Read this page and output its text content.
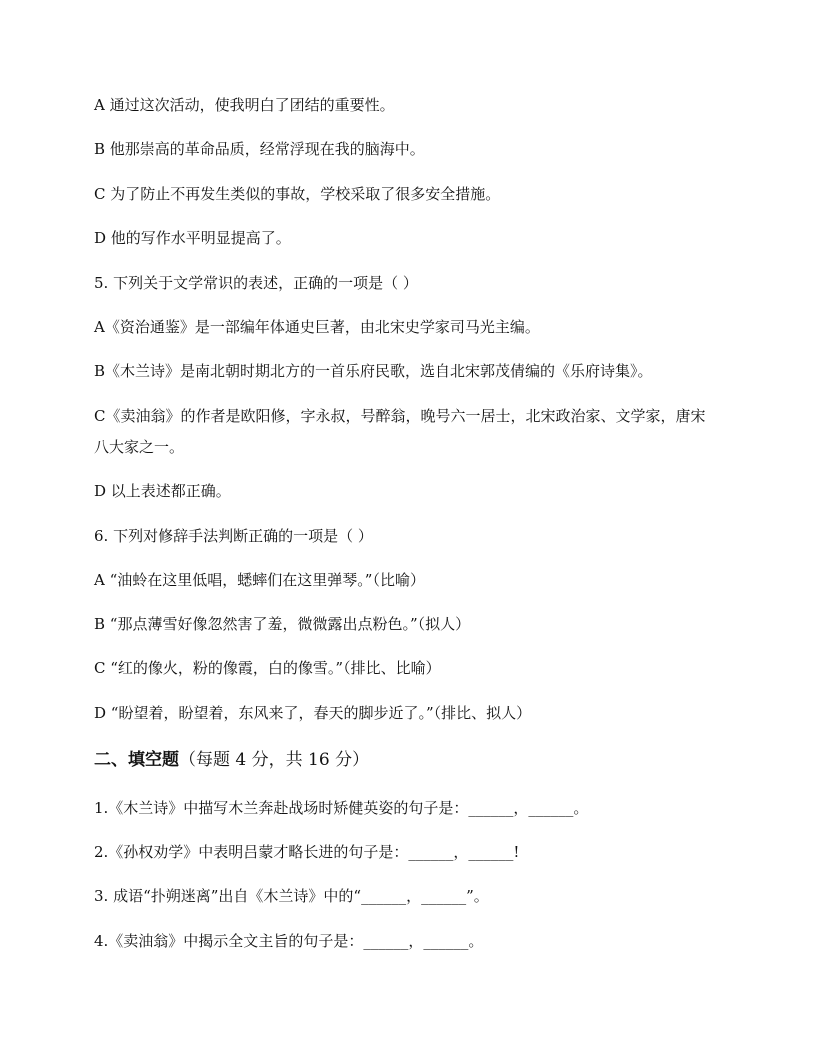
A 通过这次活动，使我明白了团结的重要性。
B 他那崇高的革命品质，经常浮现在我的脑海中。
C 为了防止不再发生类似的事故，学校采取了很多安全措施。
D 他的写作水平明显提高了。
5. 下列关于文学常识的表述，正确的一项是（ ）
A《资治通鉴》是一部编年体通史巨著，由北宋史学家司马光主编。
B《木兰诗》是南北朝时期北方的一首乐府民歌，选自北宋郭茂倩编的《乐府诗集》。
C《卖油翁》的作者是欧阳修，字永叔，号醉翁，晚号六一居士，北宋政治家、文学家，唐宋八大家之一。
D 以上表述都正确。
6. 下列对修辞手法判断正确的一项是（ ）
A “油蛉在这里低唱，蟋蟀们在这里弹琴。”（比喻）
B “那点薄雪好像忽然害了羞，微微露出点粉色。”（拟人）
C “红的像火，粉的像霞，白的像雪。”（排比、比喻）
D “盼望着，盼望着，东风来了，春天的脚步近了。”（排比、拟人）
二、填空题（每题 4 分，共 16 分）
1.《木兰诗》中描写木兰奔赴战场时矫健英姿的句子是：______，______。
2.《孙权劝学》中表明吕蒙才略长进的句子是：______，______!
3. 成语“扑朔迷离”出自《木兰诗》中的“______，______”。
4.《卖油翁》中揭示全文主旨的句子是：______，______。
